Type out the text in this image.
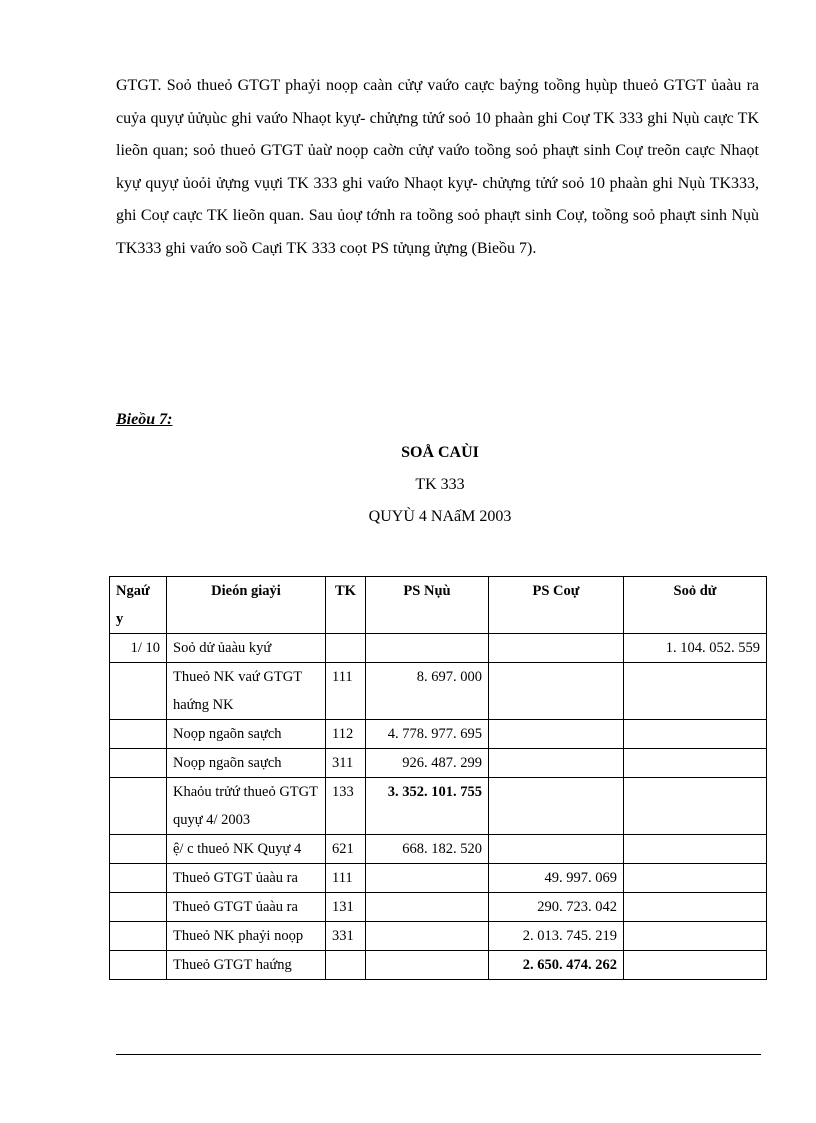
GTGT. Soỏ thueỏ GTGT phaỷi noọp caàn cửự vaứo caực baỷng toồng hụùp thueỏ GTGT ủaàu ra cuỷa quyự ủửụùc ghi vaứo Nhaọt kyự- chửựng tửứ soỏ 10 phaàn ghi Coự TK 333 ghi Nụù caực TK lieõn quan; soỏ thueỏ GTGT ủaừ noọp caờn cửự vaứo toồng soỏ phaựt sinh Coự treõn caực Nhaọt kyự quyự ủoỏi ửựng vụựi TK 333 ghi vaứo Nhaọt kyự- chửựng tửứ soỏ 10 phaàn ghi Nụù TK333, ghi Coự caực TK lieõn quan. Sau ủoự tớnh ra toồng soỏ phaựt sinh Coự, toồng soỏ phaựt sinh Nụù TK333 ghi vaứo soồ Caựi TK 333 coọt PS tửụng ửựng (Bieồu 7).

Bieồu 7:

SOÅ CAÙI

TK 333

QUYÙ 4 NAấM 2003

Ngaứ y	Dieón giaỷi	TK	PS Nụù	PS Coự	Soỏ dử
1/ 10	Soỏ dử ủaàu kyứ				1. 104. 052. 559
	Thueỏ NK vaứ GTGT haứng NK	111	8. 697. 000		
	Noọp ngaõn saựch	112	4. 778. 977. 695		
	Noọp ngaõn saựch	311	926. 487. 299		
	Khaỏu trửứ thueỏ GTGT quyự 4/ 2003	133	3. 352. 101. 755		
	ệ/ c thueỏ NK Quyự 4	621	668. 182. 520		
	Thueỏ GTGT ủaàu ra	111		49. 997. 069	
	Thueỏ GTGT ủaàu ra	131		290. 723. 042	
	Thueỏ NK phaỷi noọp	331		2. 013. 745. 219	
	Thueỏ GTGT haứng			2. 650. 474. 262	
